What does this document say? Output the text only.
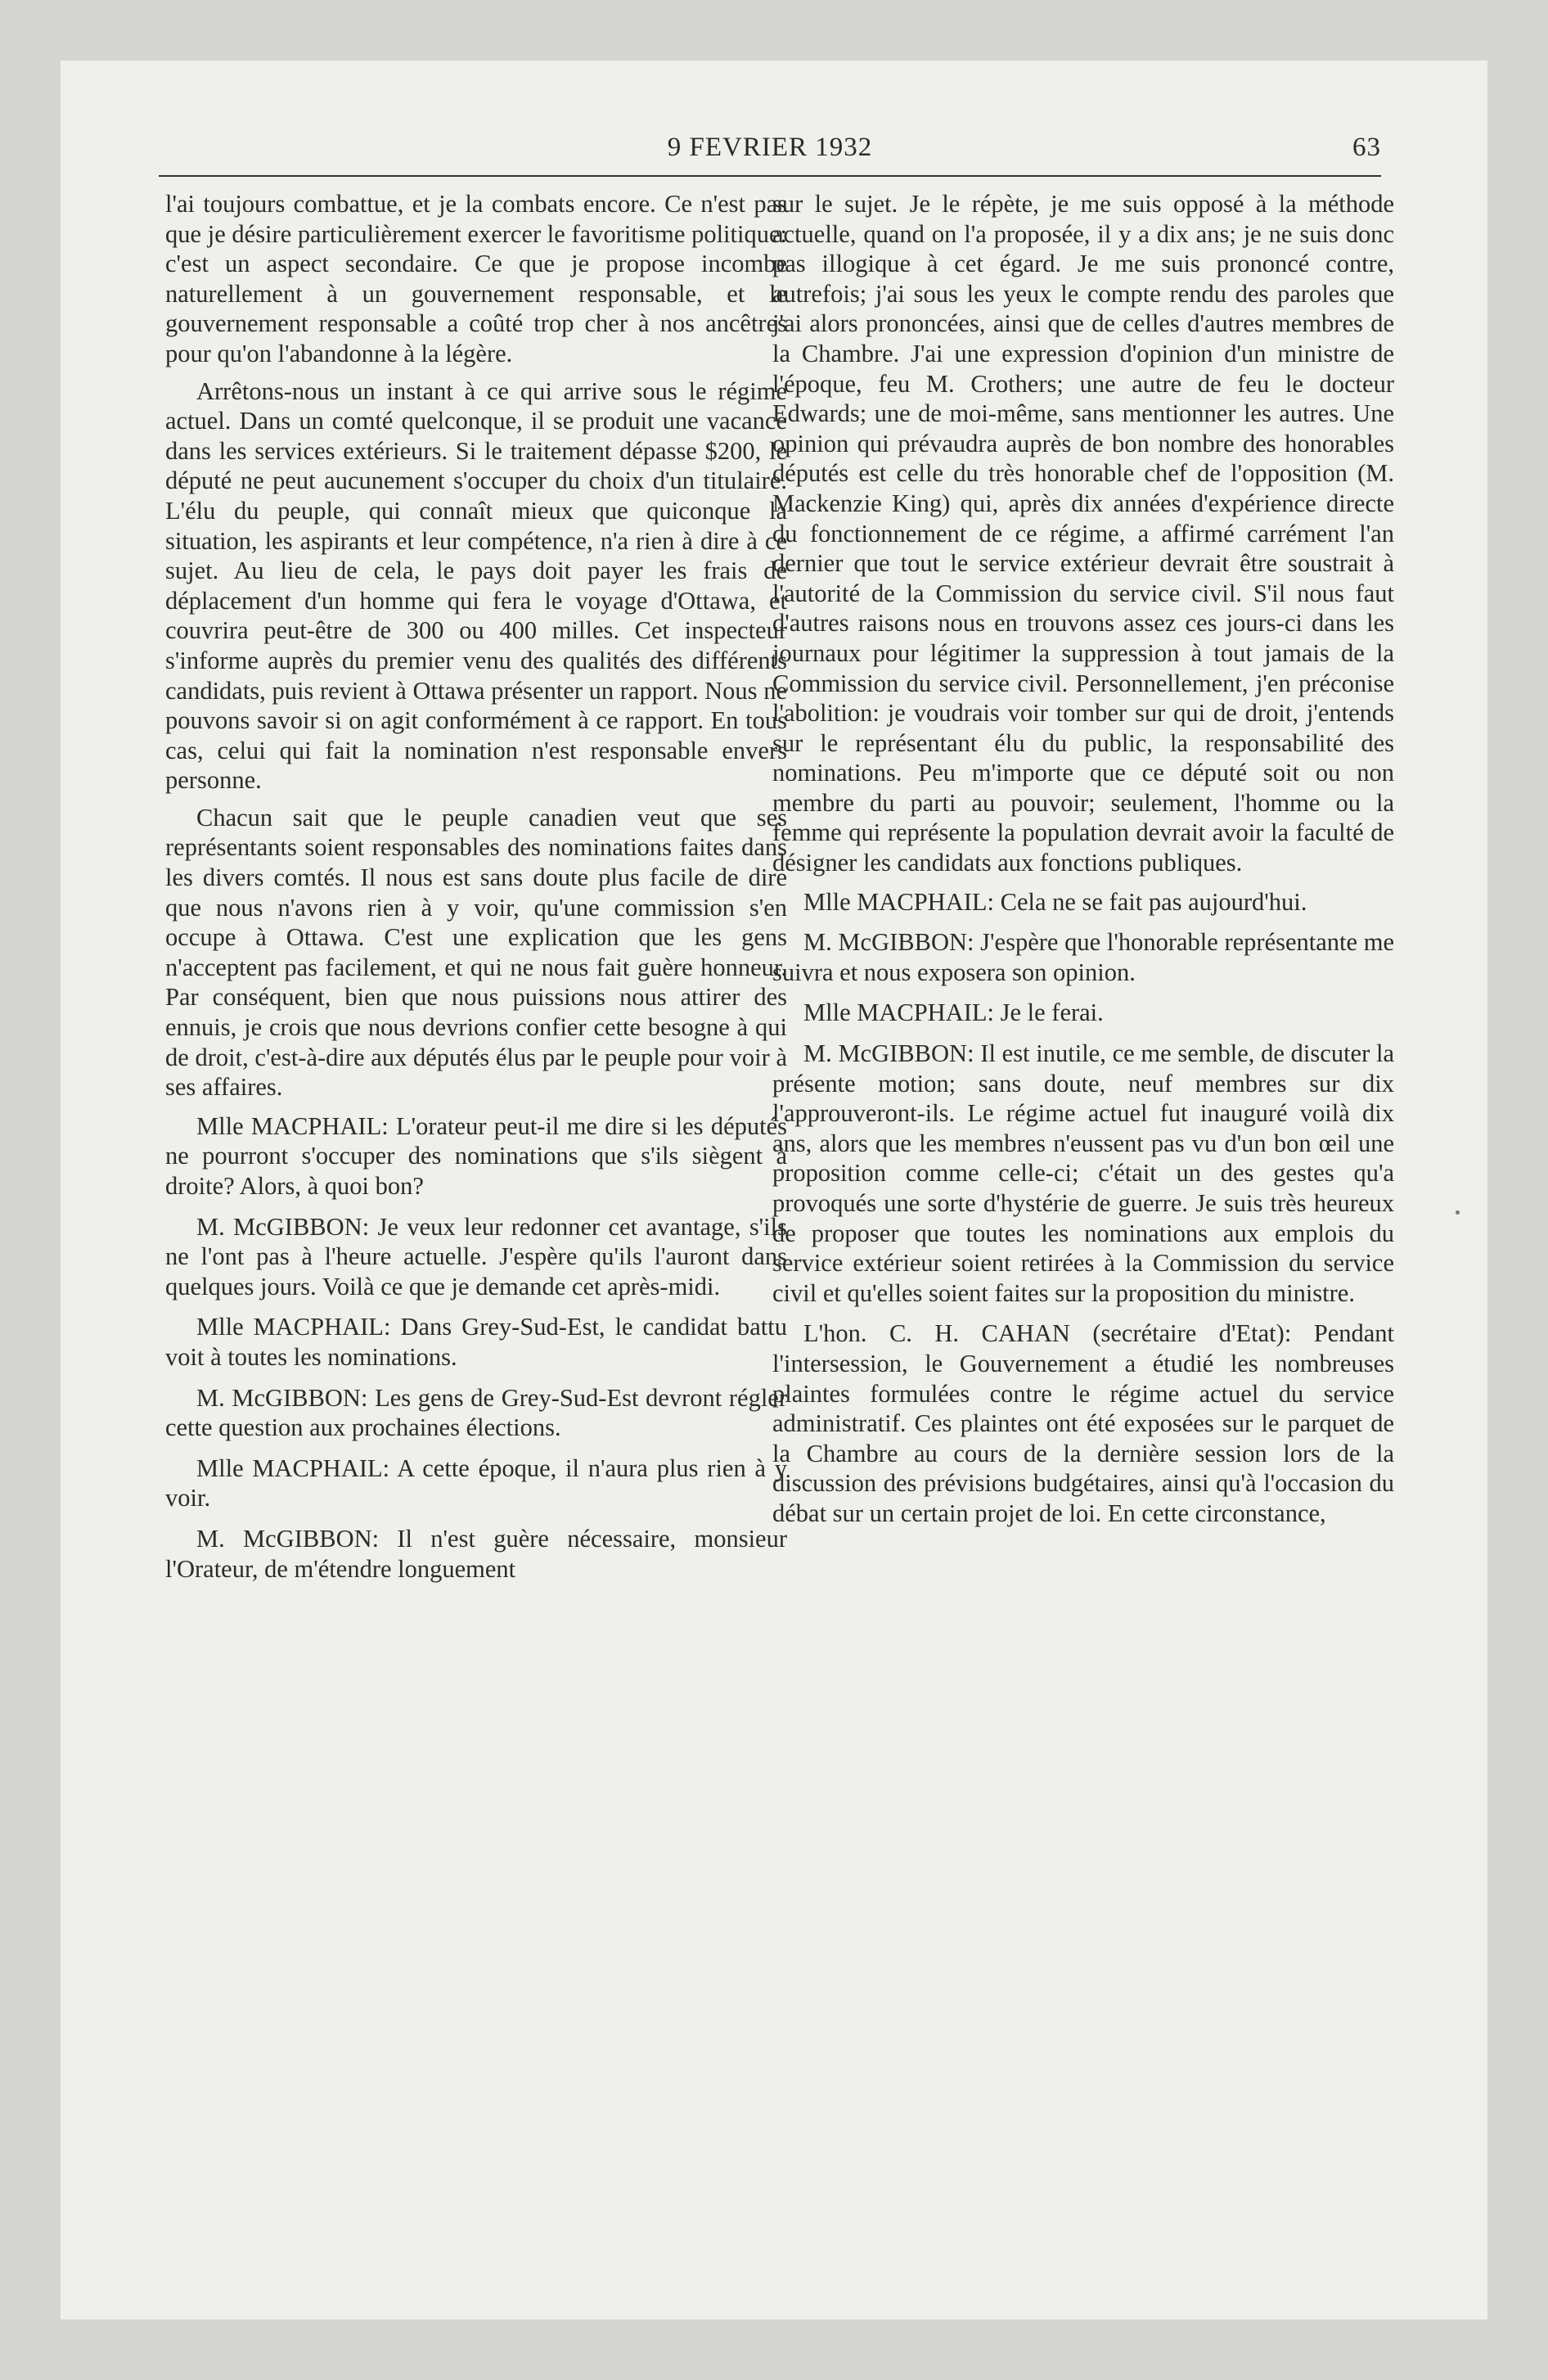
9 FEVRIER 1932	63

l'ai toujours combattue, et je la combats encore. Ce n'est pas que je désire particulièrement exercer le favoritisme politique: c'est un aspect secondaire. Ce que je propose incombe naturellement à un gouvernement responsable, et le gouvernement responsable a coûté trop cher à nos ancêtres pour qu'on l'abandonne à la légère.

Arrêtons-nous un instant à ce qui arrive sous le régime actuel. Dans un comté quelconque, il se produit une vacance dans les services extérieurs. Si le traitement dépasse $200, le député ne peut aucunement s'occuper du choix d'un titulaire. L'élu du peuple, qui connaît mieux que quiconque la situation, les aspirants et leur compétence, n'a rien à dire à ce sujet. Au lieu de cela, le pays doit payer les frais de déplacement d'un homme qui fera le voyage d'Ottawa, et couvrira peut-être de 300 ou 400 milles. Cet inspecteur s'informe auprès du premier venu des qualités des différents candidats, puis revient à Ottawa présenter un rapport. Nous ne pouvons savoir si on agit conformément à ce rapport. En tous cas, celui qui fait la nomination n'est responsable envers personne.

Chacun sait que le peuple canadien veut que ses représentants soient responsables des nominations faites dans les divers comtés. Il nous est sans doute plus facile de dire que nous n'avons rien à y voir, qu'une commission s'en occupe à Ottawa. C'est une explication que les gens n'acceptent pas facilement, et qui ne nous fait guère honneur. Par conséquent, bien que nous puissions nous attirer des ennuis, je crois que nous devrions confier cette besogne à qui de droit, c'est-à-dire aux députés élus par le peuple pour voir à ses affaires.

Mlle MACPHAIL: L'orateur peut-il me dire si les députés ne pourront s'occuper des nominations que s'ils siègent à droite? Alors, à quoi bon?

M. McGIBBON: Je veux leur redonner cet avantage, s'ils ne l'ont pas à l'heure actuelle. J'espère qu'ils l'auront dans quelques jours. Voilà ce que je demande cet après-midi.

Mlle MACPHAIL: Dans Grey-Sud-Est, le candidat battu voit à toutes les nominations.

M. McGIBBON: Les gens de Grey-Sud-Est devront régler cette question aux prochaines élections.

Mlle MACPHAIL: A cette époque, il n'aura plus rien à y voir.

M. McGIBBON: Il n'est guère nécessaire, monsieur l'Orateur, de m'étendre longuement

sur le sujet. Je le répète, je me suis opposé à la méthode actuelle, quand on l'a proposée, il y a dix ans; je ne suis donc pas illogique à cet égard. Je me suis prononcé contre, autrefois; j'ai sous les yeux le compte rendu des paroles que j'ai alors prononcées, ainsi que de celles d'autres membres de la Chambre. J'ai une expression d'opinion d'un ministre de l'époque, feu M. Crothers; une autre de feu le docteur Edwards; une de moi-même, sans mentionner les autres. Une opinion qui prévaudra auprès de bon nombre des honorables députés est celle du très honorable chef de l'opposition (M. Mackenzie King) qui, après dix années d'expérience directe du fonctionnement de ce régime, a affirmé carrément l'an dernier que tout le service extérieur devrait être soustrait à l'autorité de la Commission du service civil. S'il nous faut d'autres raisons nous en trouvons assez ces jours-ci dans les journaux pour légitimer la suppression à tout jamais de la Commission du service civil. Personnellement, j'en préconise l'abolition: je voudrais voir tomber sur qui de droit, j'entends sur le représentant élu du public, la responsabilité des nominations. Peu m'importe que ce député soit ou non membre du parti au pouvoir; seulement, l'homme ou la femme qui représente la population devrait avoir la faculté de désigner les candidats aux fonctions publiques.

Mlle MACPHAIL: Cela ne se fait pas aujourd'hui.

M. McGIBBON: J'espère que l'honorable représentante me suivra et nous exposera son opinion.

Mlle MACPHAIL: Je le ferai.

M. McGIBBON: Il est inutile, ce me semble, de discuter la présente motion; sans doute, neuf membres sur dix l'approuveront-ils. Le régime actuel fut inauguré voilà dix ans, alors que les membres n'eussent pas vu d'un bon œil une proposition comme celle-ci; c'était un des gestes qu'a provoqués une sorte d'hystérie de guerre. Je suis très heureux de proposer que toutes les nominations aux emplois du service extérieur soient retirées à la Commission du service civil et qu'elles soient faites sur la proposition du ministre.

L'hon. C. H. CAHAN (secrétaire d'Etat): Pendant l'intersession, le Gouvernement a étudié les nombreuses plaintes formulées contre le régime actuel du service administratif. Ces plaintes ont été exposées sur le parquet de la Chambre au cours de la dernière session lors de la discussion des prévisions budgétaires, ainsi qu'à l'occasion du débat sur un certain projet de loi. En cette circonstance,
